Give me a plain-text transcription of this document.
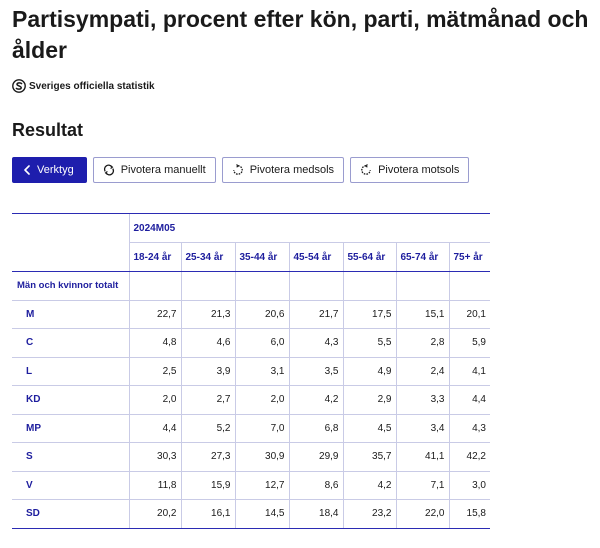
Partisympati, procent efter kön, parti, mätmånad och ålder
Sveriges officiella statistik
Resultat
Verktyg	Pivotera manuellt	Pivotera medsols	Pivotera motsols
	2024M05						
	18-24 år	25-34 år	35-44 år	45-54 år	55-64 år	65-74 år	75+ år
Män och kvinnor totalt							
M	22,7	21,3	20,6	21,7	17,5	15,1	20,1
C	4,8	4,6	6,0	4,3	5,5	2,8	5,9
L	2,5	3,9	3,1	3,5	4,9	2,4	4,1
KD	2,0	2,7	2,0	4,2	2,9	3,3	4,4
MP	4,4	5,2	7,0	6,8	4,5	3,4	4,3
S	30,3	27,3	30,9	29,9	35,7	41,1	42,2
V	11,8	15,9	12,7	8,6	4,2	7,1	3,0
SD	20,2	16,1	14,5	18,4	23,2	22,0	15,8
